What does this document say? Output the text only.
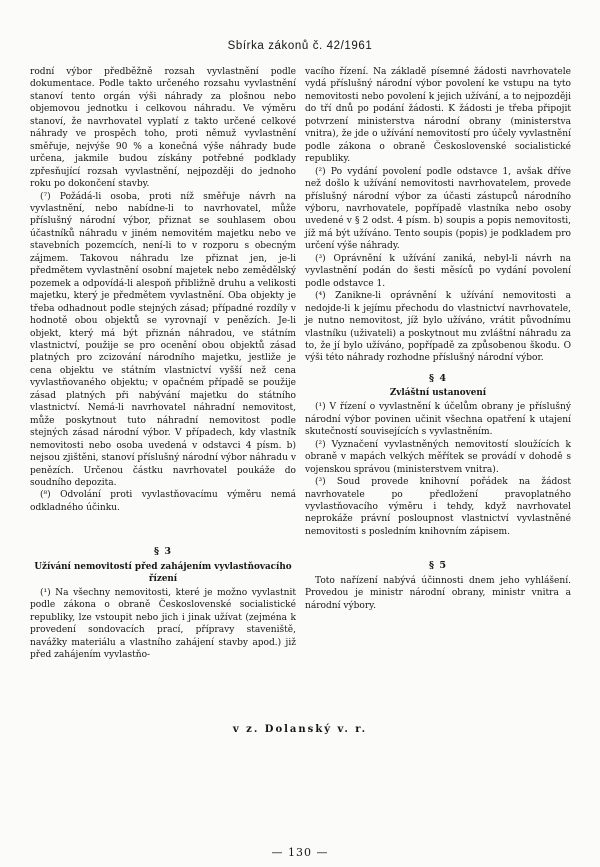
Sbírka zákonů č. 42/1961

rodní výbor předběžně rozsah vyvlastnění podle dokumentace. Podle takto určeného rozsahu vyvlastnění stanoví tento orgán výši náhrady za plošnou nebo objemovou jednotku i celkovou náhradu. Ve výměru stanoví, že navrhovatel vyplatí z takto určené celkové náhrady ve prospěch toho, proti němuž vyvlastnění směřuje, nejvýše 90 % a konečná výše náhrady bude určena, jakmile budou získány potřebné podklady zpřesňující rozsah vyvlastnění, nejpozději do jednoho roku po dokončení stavby.

(⁷) Požádá-li osoba, proti níž směřuje návrh na vyvlastnění, nebo nabídne-li to navrhovatel, může příslušný národní výbor, přiznat se souhlasem obou účastníků náhradu v jiném nemovitém majetku nebo ve stavebních pozemcích, není-li to v rozporu s obecným zájmem. Takovou náhradu lze přiznat jen, je-li předmětem vyvlastnění osobní majetek nebo zemědělský pozemek a odpovídá-li alespoň přibližně druhu a velikosti majetku, který je předmětem vyvlastnění. Oba objekty je třeba odhadnout podle stejných zásad; případné rozdíly v hodnotě obou objektů se vyrovnají v penězích. Je-li objekt, který má být přiznán náhradou, ve státním vlastnictví, použije se pro ocenění obou objektů zásad platných pro zcizování národního majetku, jestliže je cena objektu ve státním vlastnictví vyšší než cena vyvlastňovaného objektu; v opačném případě se použije zásad platných při nabývání majetku do státního vlastnictví. Nemá-li navrhovatel náhradní nemovitost, může poskytnout tuto náhradní nemovitost podle stejných zásad národní výbor. V případech, kdy vlastník nemovitosti nebo osoba uvedená v odstavci 4 písm. b) nejsou zjištěni, stanoví příslušný národní výbor náhradu v penězích. Určenou částku navrhovatel poukáže do soudního depozita.

(⁸) Odvolání proti vyvlastňovacímu výměru nemá odkladného účinku.

§ 3
Užívání nemovitostí před zahájením vyvlastňovacího řízení

(¹) Na všechny nemovitosti, které je možno vyvlastnit podle zákona o obraně Československé socialistické republiky, lze vstoupit nebo jich i jinak užívat (zejména k provedení sondovacích prací, přípravy staveniště, navážky materiálu a vlastního zahájení stavby apod.) již před zahájením vyvlastňo-

vacího řízení. Na základě písemné žádosti navrhovatele vydá příslušný národní výbor povolení ke vstupu na tyto nemovitosti nebo povolení k jejich užívání, a to nejpozději do tří dnů po podání žádosti. K žádosti je třeba připojit potvrzení ministerstva národní obrany (ministerstva vnitra), že jde o užívání nemovitostí pro účely vyvlastnění podle zákona o obraně Československé socialistické republiky.

(²) Po vydání povolení podle odstavce 1, avšak dříve než došlo k užívání nemovitosti navrhovatelem, provede příslušný národní výbor za účasti zástupců národního výboru, navrhovatele, popřípadě vlastníka nebo osoby uvedené v § 2 odst. 4 písm. b) soupis a popis nemovitosti, jíž má být užíváno. Tento soupis (popis) je podkladem pro určení výše náhrady.

(³) Oprávnění k užívání zaniká, nebyl-li návrh na vyvlastnění podán do šesti měsíců po vydání povolení podle odstavce 1.

(⁴) Zanikne-li oprávnění k užívání nemovitosti a nedojde-li k jejímu přechodu do vlastnictví navrhovatele, je nutno nemovitost, jíž bylo užíváno, vrátit původnímu vlastníku (uživateli) a poskytnout mu zvláštní náhradu za to, že jí bylo užíváno, popřípadě za způsobenou škodu. O výši této náhrady rozhodne příslušný národní výbor.

§ 4
Zvláštní ustanovení

(¹) V řízení o vyvlastnění k účelům obrany je příslušný národní výbor povinen učinit všechna opatření k utajení skutečností souvisejících s vyvlastněním.

(²) Vyznačení vyvlastněných nemovitostí sloužících k obraně v mapách velkých měřítek se provádí v dohodě s vojenskou správou (ministerstvem vnitra).

(³) Soud provede knihovní pořádek na žádost navrhovatele po předložení pravoplatného vyvlastňovacího výměru i tehdy, když navrhovatel neprokáže právní posloupnost vlastnictví vyvlastněné nemovitosti s posledním knihovním zápisem.

§ 5

Toto nařízení nabývá účinnosti dnem jeho vyhlášení. Provedou je ministr národní obrany, ministr vnitra a národní výbory.

v z. Dolanský v. r.
— 130 —
